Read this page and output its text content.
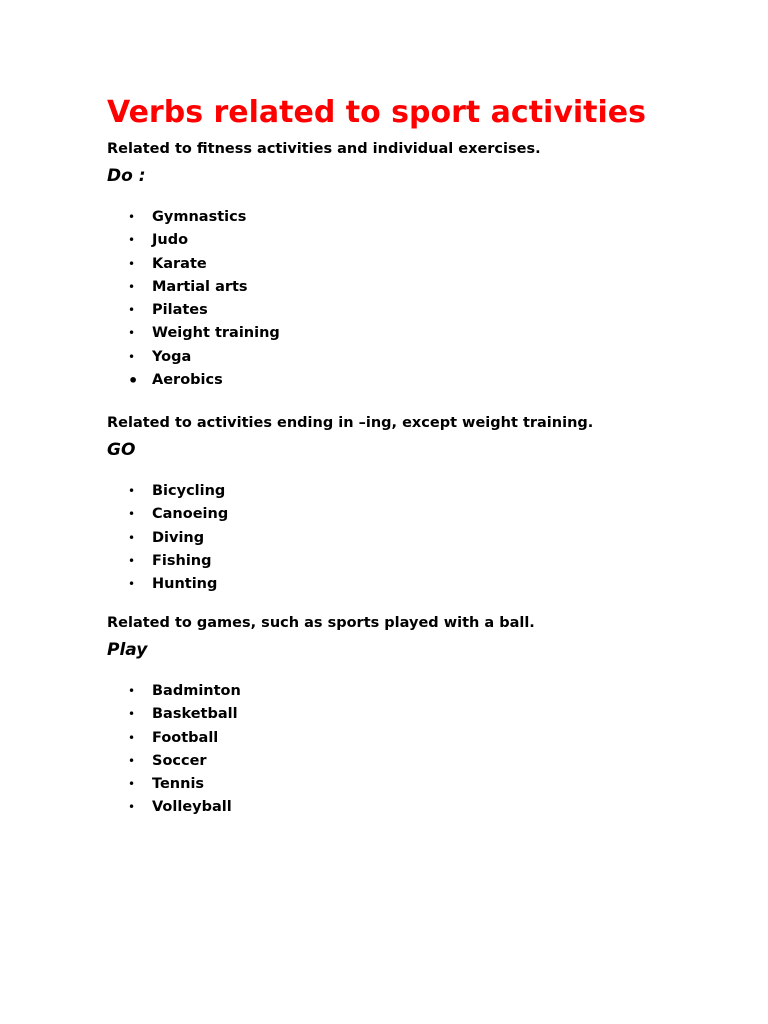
Verbs related to sport activities

Related to fitness activities and individual exercises.

Do :

• Gymnastics
• Judo
• Karate
• Martial arts
• Pilates
• Weight training
• Yoga
• Aerobics

Related to activities ending in –ing, except weight training.

GO

• Bicycling
• Canoeing
• Diving
• Fishing
• Hunting

Related to games, such as sports played with a ball.

Play

• Badminton
• Basketball
• Football
• Soccer
• Tennis
• Volleyball
